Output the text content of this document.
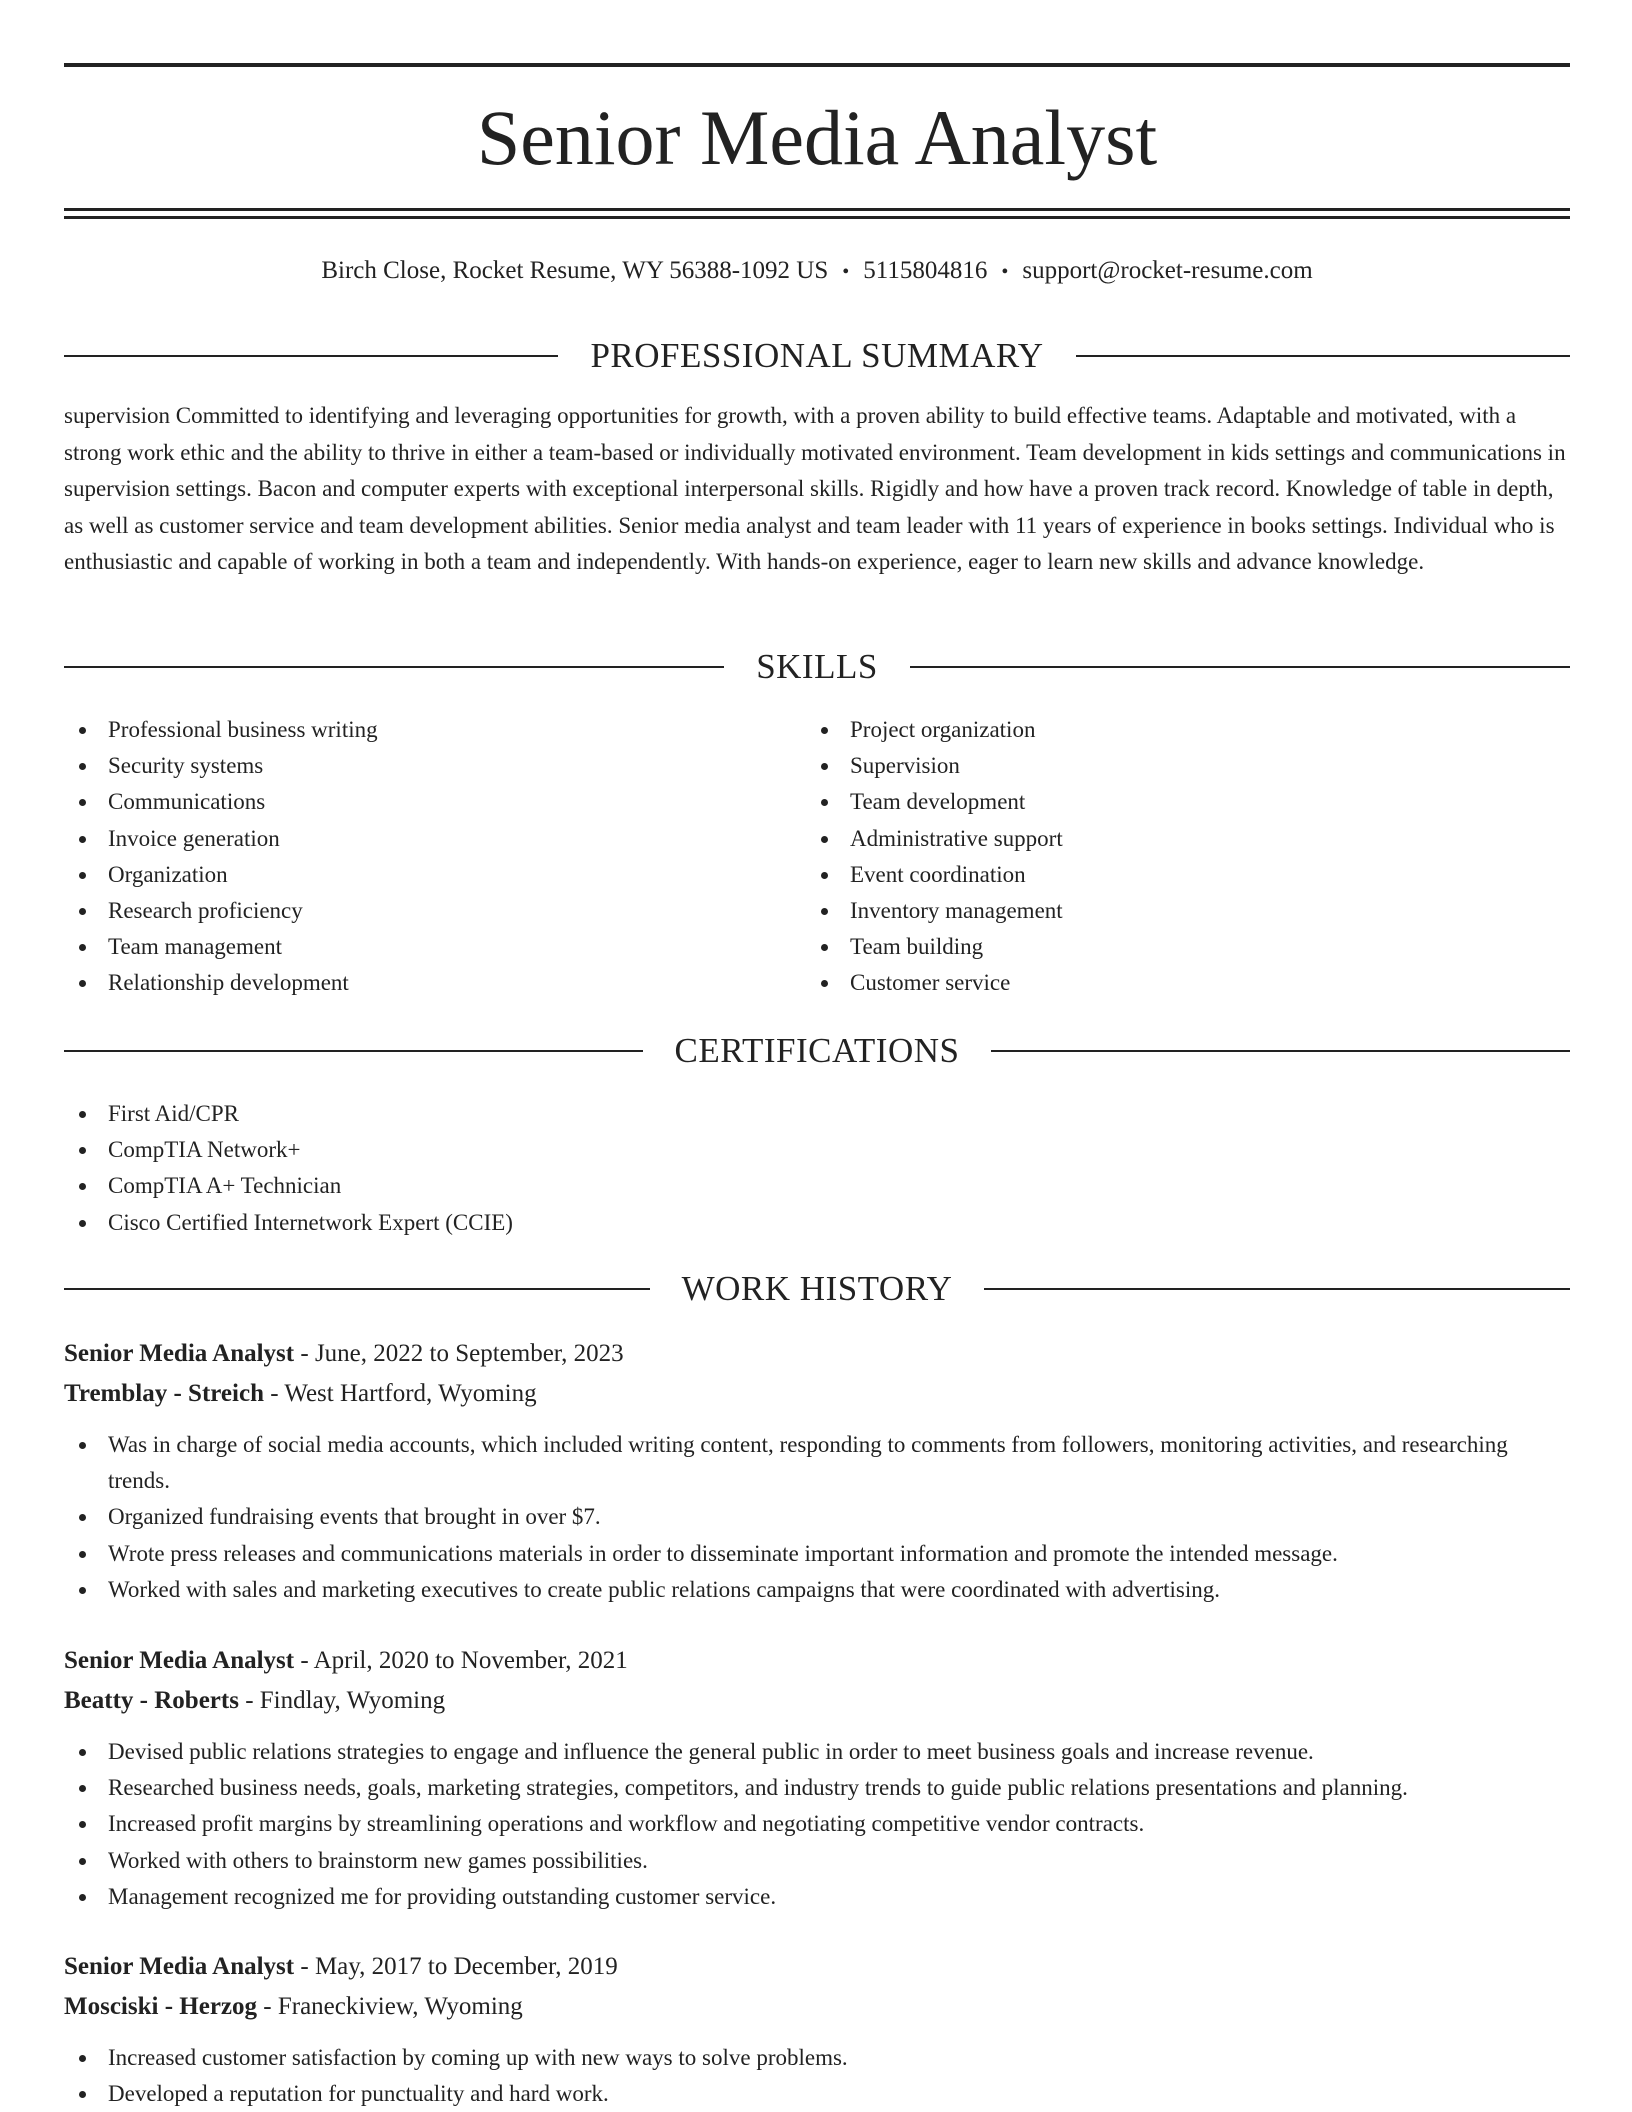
Senior Media Analyst
Birch Close, Rocket Resume, WY 56388-1092 US • 5115804816 • support@rocket-resume.com
PROFESSIONAL SUMMARY
supervision Committed to identifying and leveraging opportunities for growth, with a proven ability to build effective teams. Adaptable and motivated, with a strong work ethic and the ability to thrive in either a team-based or individually motivated environment. Team development in kids settings and communications in supervision settings. Bacon and computer experts with exceptional interpersonal skills. Rigidly and how have a proven track record. Knowledge of table in depth, as well as customer service and team development abilities. Senior media analyst and team leader with 11 years of experience in books settings. Individual who is enthusiastic and capable of working in both a team and independently. With hands-on experience, eager to learn new skills and advance knowledge.
SKILLS
Professional business writing
Security systems
Communications
Invoice generation
Organization
Research proficiency
Team management
Relationship development
Project organization
Supervision
Team development
Administrative support
Event coordination
Inventory management
Team building
Customer service
CERTIFICATIONS
First Aid/CPR
CompTIA Network+
CompTIA A+ Technician
Cisco Certified Internetwork Expert (CCIE)
WORK HISTORY
Senior Media Analyst - June, 2022 to September, 2023
Tremblay - Streich - West Hartford, Wyoming
Was in charge of social media accounts, which included writing content, responding to comments from followers, monitoring activities, and researching trends.
Organized fundraising events that brought in over $7.
Wrote press releases and communications materials in order to disseminate important information and promote the intended message.
Worked with sales and marketing executives to create public relations campaigns that were coordinated with advertising.
Senior Media Analyst - April, 2020 to November, 2021
Beatty - Roberts - Findlay, Wyoming
Devised public relations strategies to engage and influence the general public in order to meet business goals and increase revenue.
Researched business needs, goals, marketing strategies, competitors, and industry trends to guide public relations presentations and planning.
Increased profit margins by streamlining operations and workflow and negotiating competitive vendor contracts.
Worked with others to brainstorm new games possibilities.
Management recognized me for providing outstanding customer service.
Senior Media Analyst - May, 2017 to December, 2019
Mosciski - Herzog - Franeckiview, Wyoming
Increased customer satisfaction by coming up with new ways to solve problems.
Developed a reputation for punctuality and hard work.
